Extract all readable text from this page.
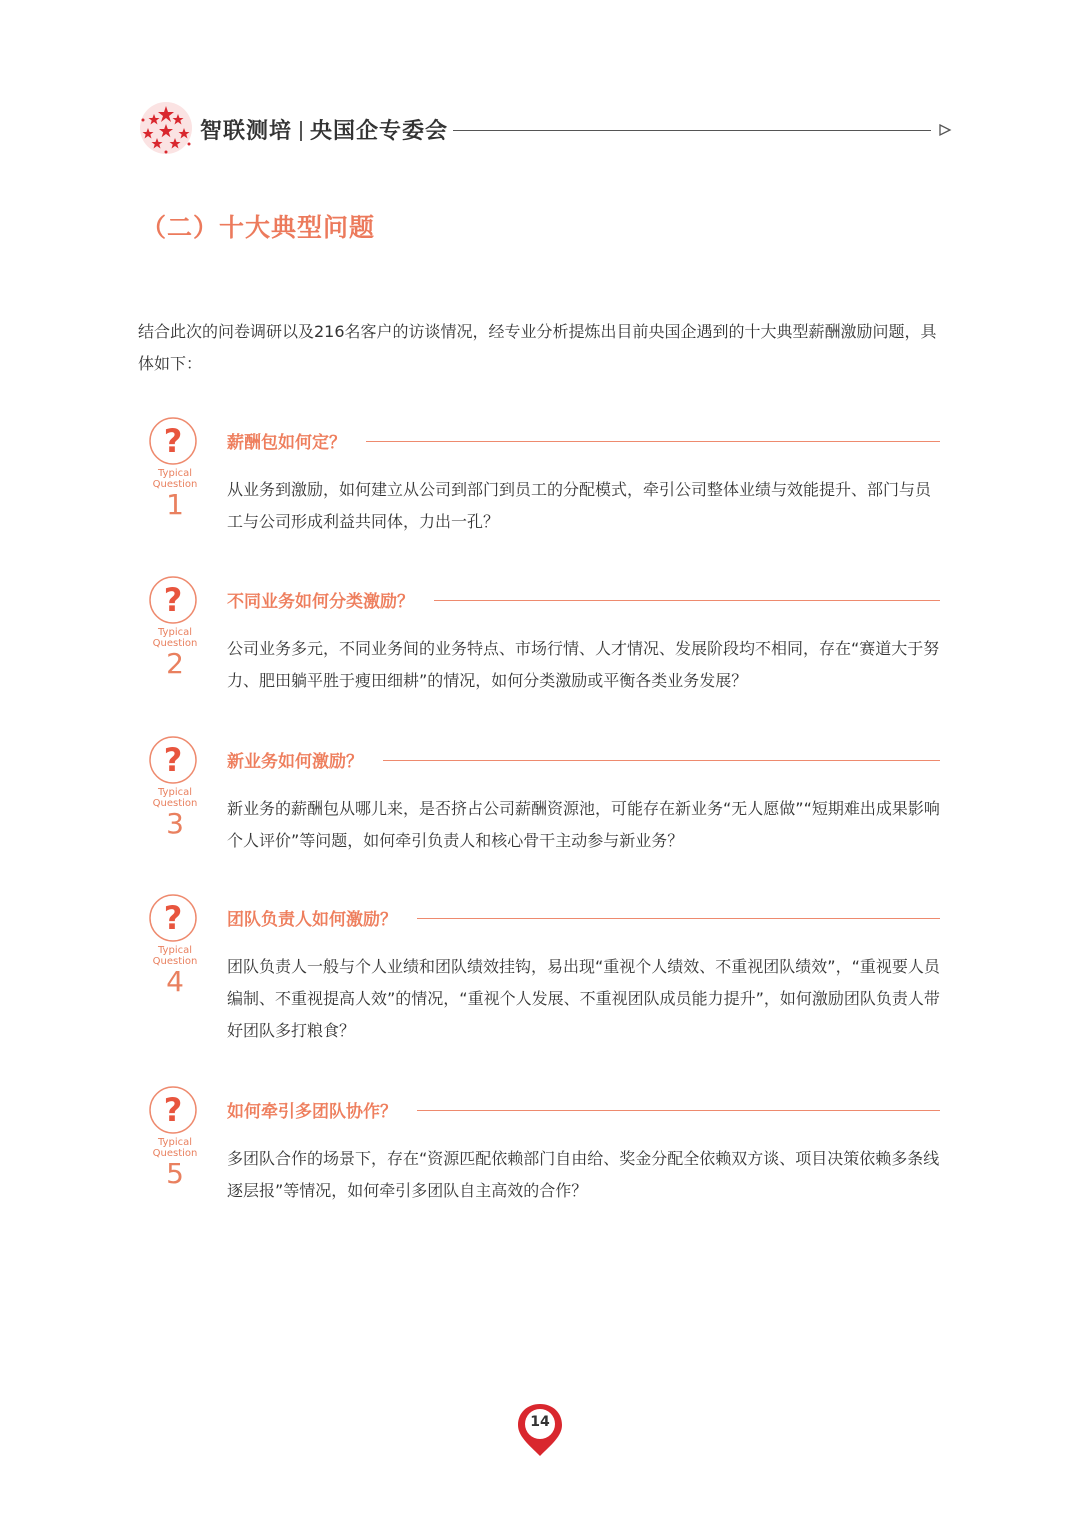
智联测培 央国企专委会
（二）十大典型问题
结合此次的问卷调研以及216名客户的访谈情况，经专业分析提炼出目前央国企遇到的十大典型薪酬激励问题，具体如下：
?
Typical
Question
1
薪酬包如何定？
从业务到激励，如何建立从公司到部门到员工的分配模式，牵引公司整体业绩与效能提升、部门与员工与公司形成利益共同体，力出一孔？
?
Typical
Question
2
不同业务如何分类激励？
公司业务多元，不同业务间的业务特点、市场行情、人才情况、发展阶段均不相同，存在“赛道大于努力、肥田躺平胜于瘦田细耕”的情况，如何分类激励或平衡各类业务发展？
?
Typical
Question
3
新业务如何激励？
新业务的薪酬包从哪儿来，是否挤占公司薪酬资源池，可能存在新业务“无人愿做”“短期难出成果影响个人评价”等问题，如何牵引负责人和核心骨干主动参与新业务？
?
Typical
Question
4
团队负责人如何激励？
团队负责人一般与个人业绩和团队绩效挂钩，易出现“重视个人绩效、不重视团队绩效”，“重视要人员编制、不重视提高人效”的情况，“重视个人发展、不重视团队成员能力提升”，如何激励团队负责人带好团队多打粮食？
?
Typical
Question
5
如何牵引多团队协作？
多团队合作的场景下，存在“资源匹配依赖部门自由给、奖金分配全依赖双方谈、项目决策依赖多条线逐层报”等情况，如何牵引多团队自主高效的合作？
14
